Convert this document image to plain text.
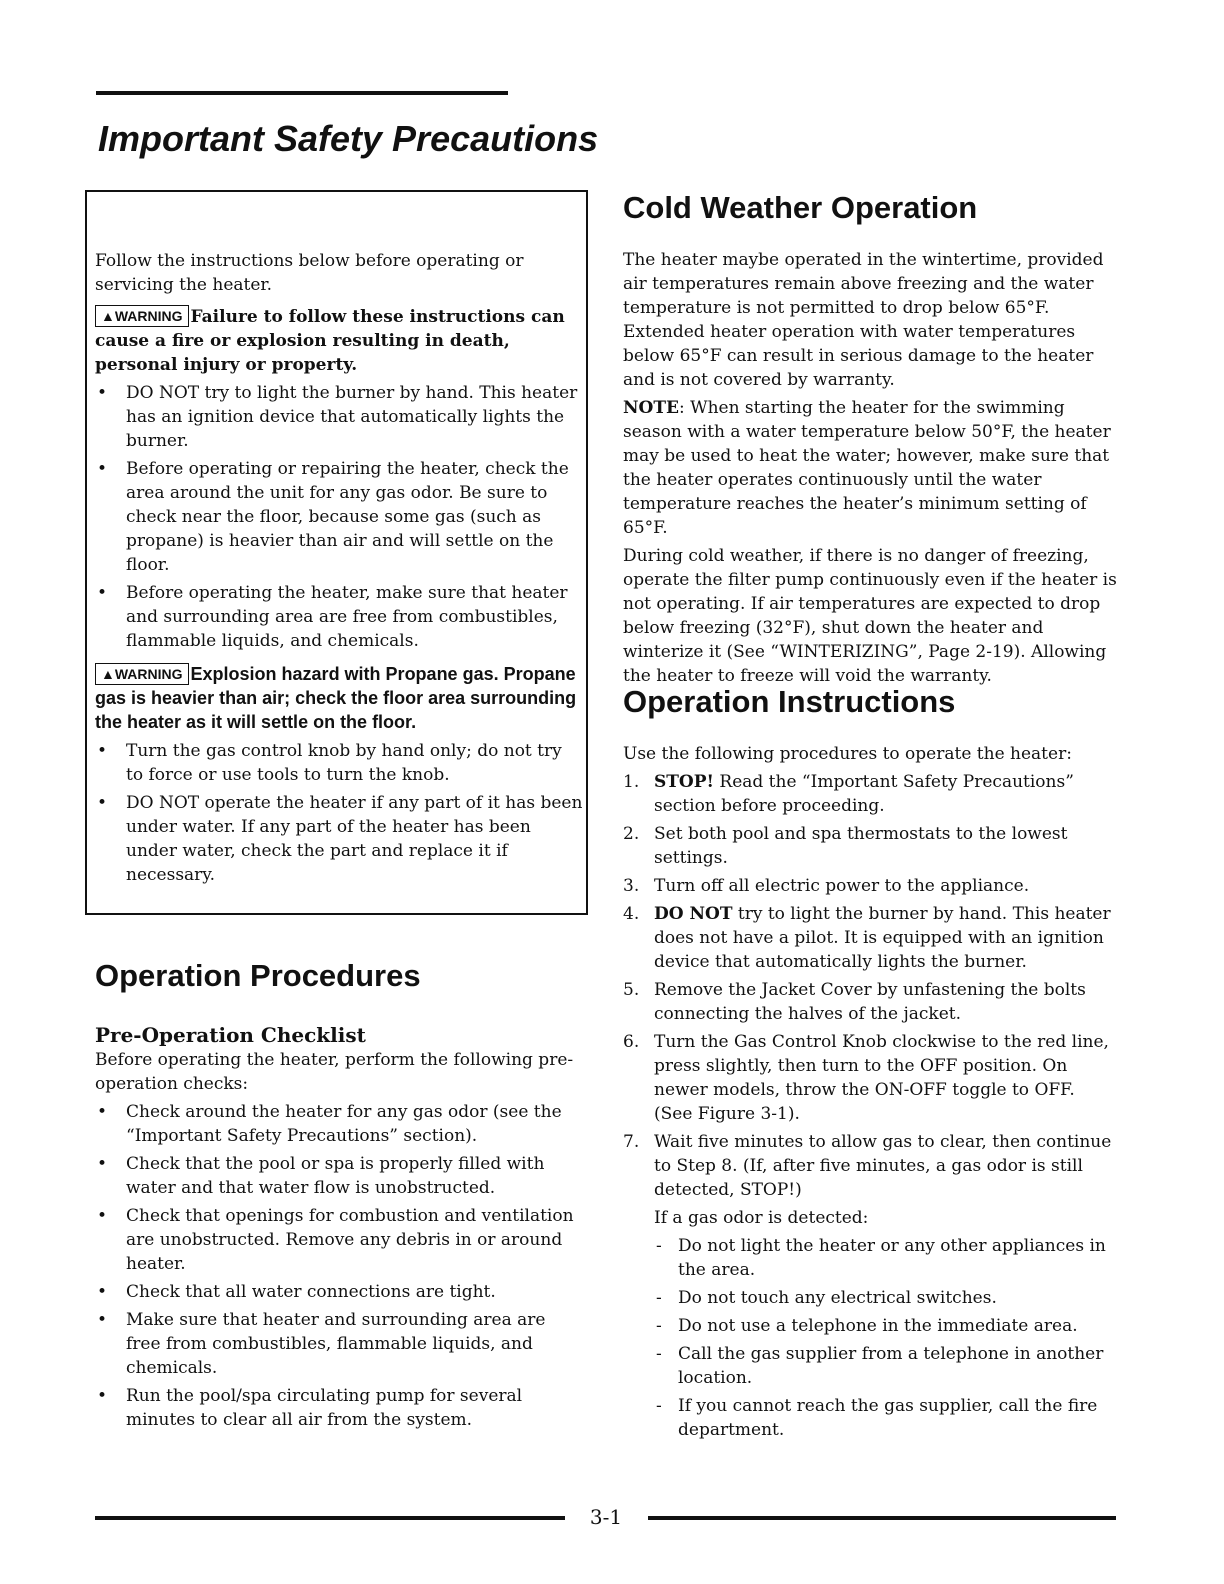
Important Safety Precautions

Follow the instructions below before operating or servicing the heater.

▲WARNING Failure to follow these instructions can cause a fire or explosion resulting in death, personal injury or property.

• DO NOT try to light the burner by hand. This heater has an ignition device that automatically lights the burner.
• Before operating or repairing the heater, check the area around the unit for any gas odor. Be sure to check near the floor, because some gas (such as propane) is heavier than air and will settle on the floor.
• Before operating the heater, make sure that heater and surrounding area are free from combustibles, flammable liquids, and chemicals.

▲WARNING Explosion hazard with Propane gas. Propane gas is heavier than air; check the floor area surrounding the heater as it will settle on the floor.

• Turn the gas control knob by hand only; do not try to force or use tools to turn the knob.
• DO NOT operate the heater if any part of it has been under water. If any part of the heater has been under water, check the part and replace it if necessary.
Operation Procedures
Pre-Operation Checklist

Before operating the heater, perform the following pre-operation checks:

• Check around the heater for any gas odor (see the “Important Safety Precautions” section).
• Check that the pool or spa is properly filled with water and that water flow is unobstructed.
• Check that openings for combustion and ventilation are unobstructed. Remove any debris in or around heater.
• Check that all water connections are tight.
• Make sure that heater and surrounding area are free from combustibles, flammable liquids, and chemicals.
• Run the pool/spa circulating pump for several minutes to clear all air from the system.
Cold Weather Operation

The heater maybe operated in the wintertime, provided air temperatures remain above freezing and the water temperature is not permitted to drop below 65°F. Extended heater operation with water temperatures below 65°F can result in serious damage to the heater and is not covered by warranty.

NOTE: When starting the heater for the swimming season with a water temperature below 50°F, the heater may be used to heat the water; however, make sure that the heater operates continuously until the water temperature reaches the heater’s minimum setting of 65°F.

During cold weather, if there is no danger of freezing, operate the filter pump continuously even if the heater is not operating. If air temperatures are expected to drop below freezing (32°F), shut down the heater and winterize it (See “WINTERIZING”, Page 2-19). Allowing the heater to freeze will void the warranty.

Operation Instructions

Use the following procedures to operate the heater:

1. STOP! Read the “Important Safety Precautions” section before proceeding.
2. Set both pool and spa thermostats to the lowest settings.
3. Turn off all electric power to the appliance.
4. DO NOT try to light the burner by hand. This heater does not have a pilot. It is equipped with an ignition device that automatically lights the burner.
5. Remove the Jacket Cover by unfastening the bolts connecting the halves of the jacket.
6. Turn the Gas Control Knob clockwise to the red line, press slightly, then turn to the OFF position. On newer models, throw the ON-OFF toggle to OFF. (See Figure 3-1).
7. Wait five minutes to allow gas to clear, then continue to Step 8. (If, after five minutes, a gas odor is still detected, STOP!)

If a gas odor is detected:

- Do not light the heater or any other appliances in the area.
- Do not touch any electrical switches.
- Do not use a telephone in the immediate area.
- Call the gas supplier from a telephone in another location.
- If you cannot reach the gas supplier, call the fire department.
3-1
